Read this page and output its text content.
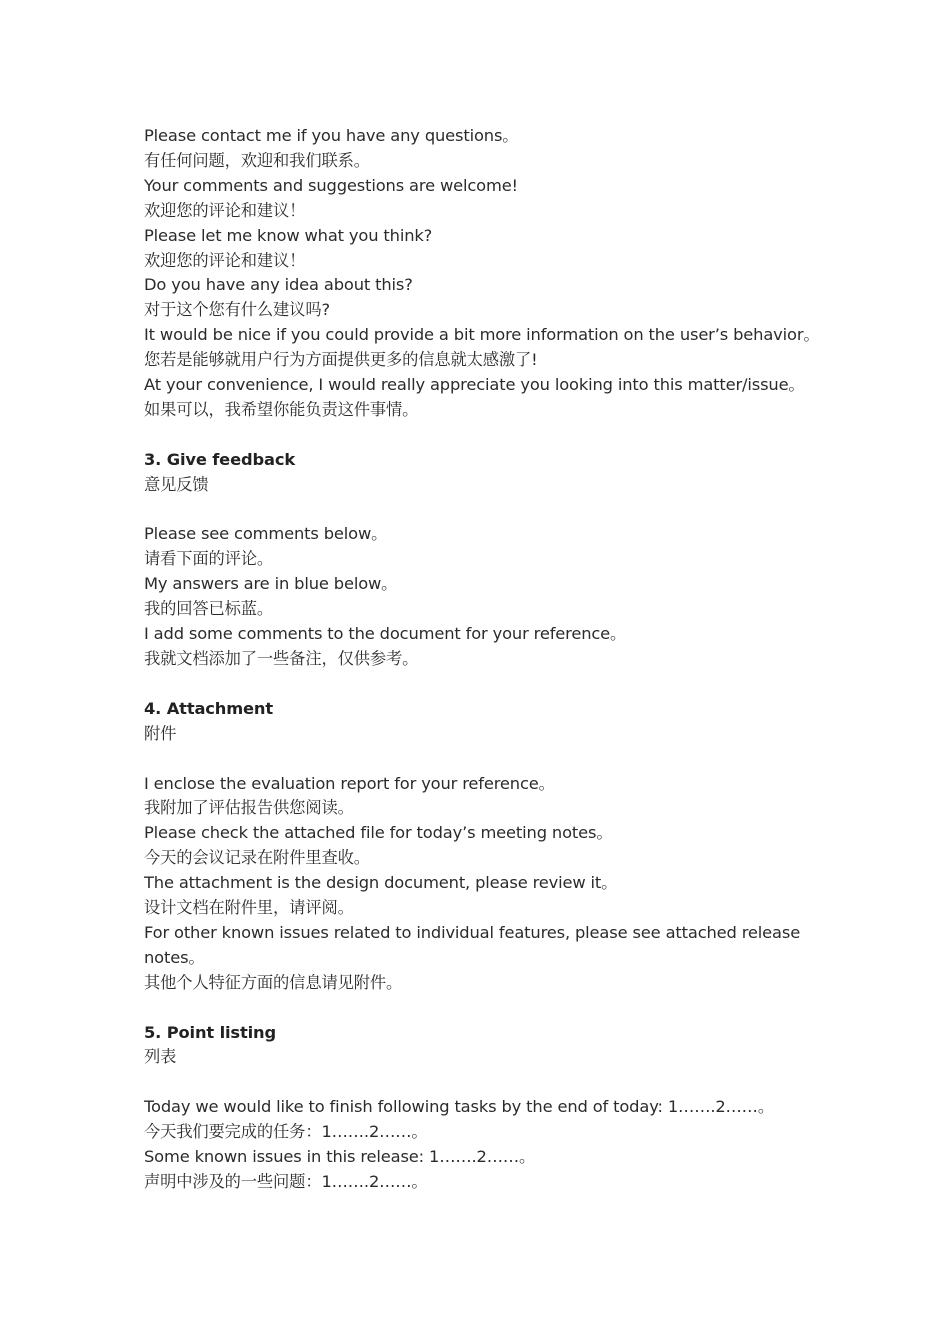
Please contact me if you have any questions。
有任何问题，欢迎和我们联系。
Your comments and suggestions are welcome!
欢迎您的评论和建议！
Please let me know what you think?
欢迎您的评论和建议！
Do you have any idea about this?
对于这个您有什么建议吗?
It would be nice if you could provide a bit more information on the user’s behavior。
您若是能够就用户行为方面提供更多的信息就太感激了!
At your convenience, I would really appreciate you looking into this matter/issue。
如果可以，我希望你能负责这件事情。
3. Give feedback
意见反馈
Please see comments below。
请看下面的评论。
My answers are in blue below。
我的回答已标蓝。
I add some comments to the document for your reference。
我就文档添加了一些备注，仅供参考。
4. Attachment
附件
I enclose the evaluation report for your reference。
我附加了评估报告供您阅读。
Please check the attached file for today’s meeting notes。
今天的会议记录在附件里查收。
The attachment is the design document, please review it。
设计文档在附件里，请评阅。
For other known issues related to individual features, please see attached release notes。
其他个人特征方面的信息请见附件。
5. Point listing
列表
Today we would like to finish following tasks by the end of today: 1…….2……。
今天我们要完成的任务：1…….2……。
Some known issues in this release: 1…….2……。
声明中涉及的一些问题：1…….2……。
